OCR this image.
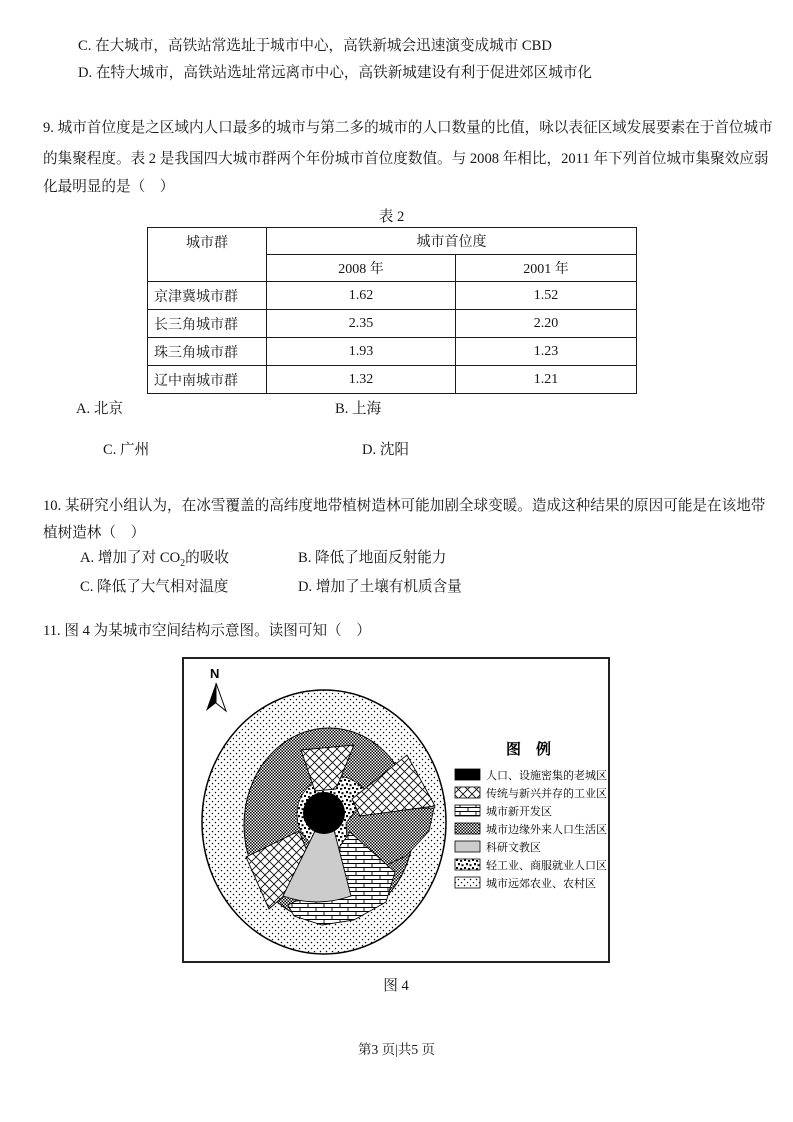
C. 在大城市，高铁站常选址于城市中心，高铁新城会迅速演变成城市 CBD
D. 在特大城市，高铁站选址常远离市中心，高铁新城建设有利于促进郊区城市化
9. 城市首位度是之区域内人口最多的城市与第二多的城市的人口数量的比值，咏以表征区域发展要素在于首位城市
的集聚程度。表 2 是我国四大城市群两个年份城市首位度数值。与 2008 年相比，2011 年下列首位城市集聚效应弱
化最明显的是（　）
表 2
城市群	城市首位度	
	2008 年	2001 年
京津冀城市群	1.62	1.52
长三角城市群	2.35	2.20
珠三角城市群	1.93	1.23
辽中南城市群	1.32	1.21
A. 北京	B. 上海
C. 广州	D. 沈阳
10. 某研究小组认为，在冰雪覆盖的高纬度地带植树造林可能加剧全球变暖。造成这种结果的原因可能是在该地带
植树造林（　）
A. 增加了对 $CO_2$的吸收	B. 降低了地面反射能力
C. 降低了大气相对温度	D. 增加了土壤有机质含量
11. 图 4 为某城市空间结构示意图。读图可知（　）
N
图　例
人口、设施密集的老城区
传统与新兴并存的工业区
城市新开发区
城市边缘外来人口生活区
科研文教区
轻工业、商服就业人口区
城市远郊农业、农村区
图 4
第3 页|共5 页
